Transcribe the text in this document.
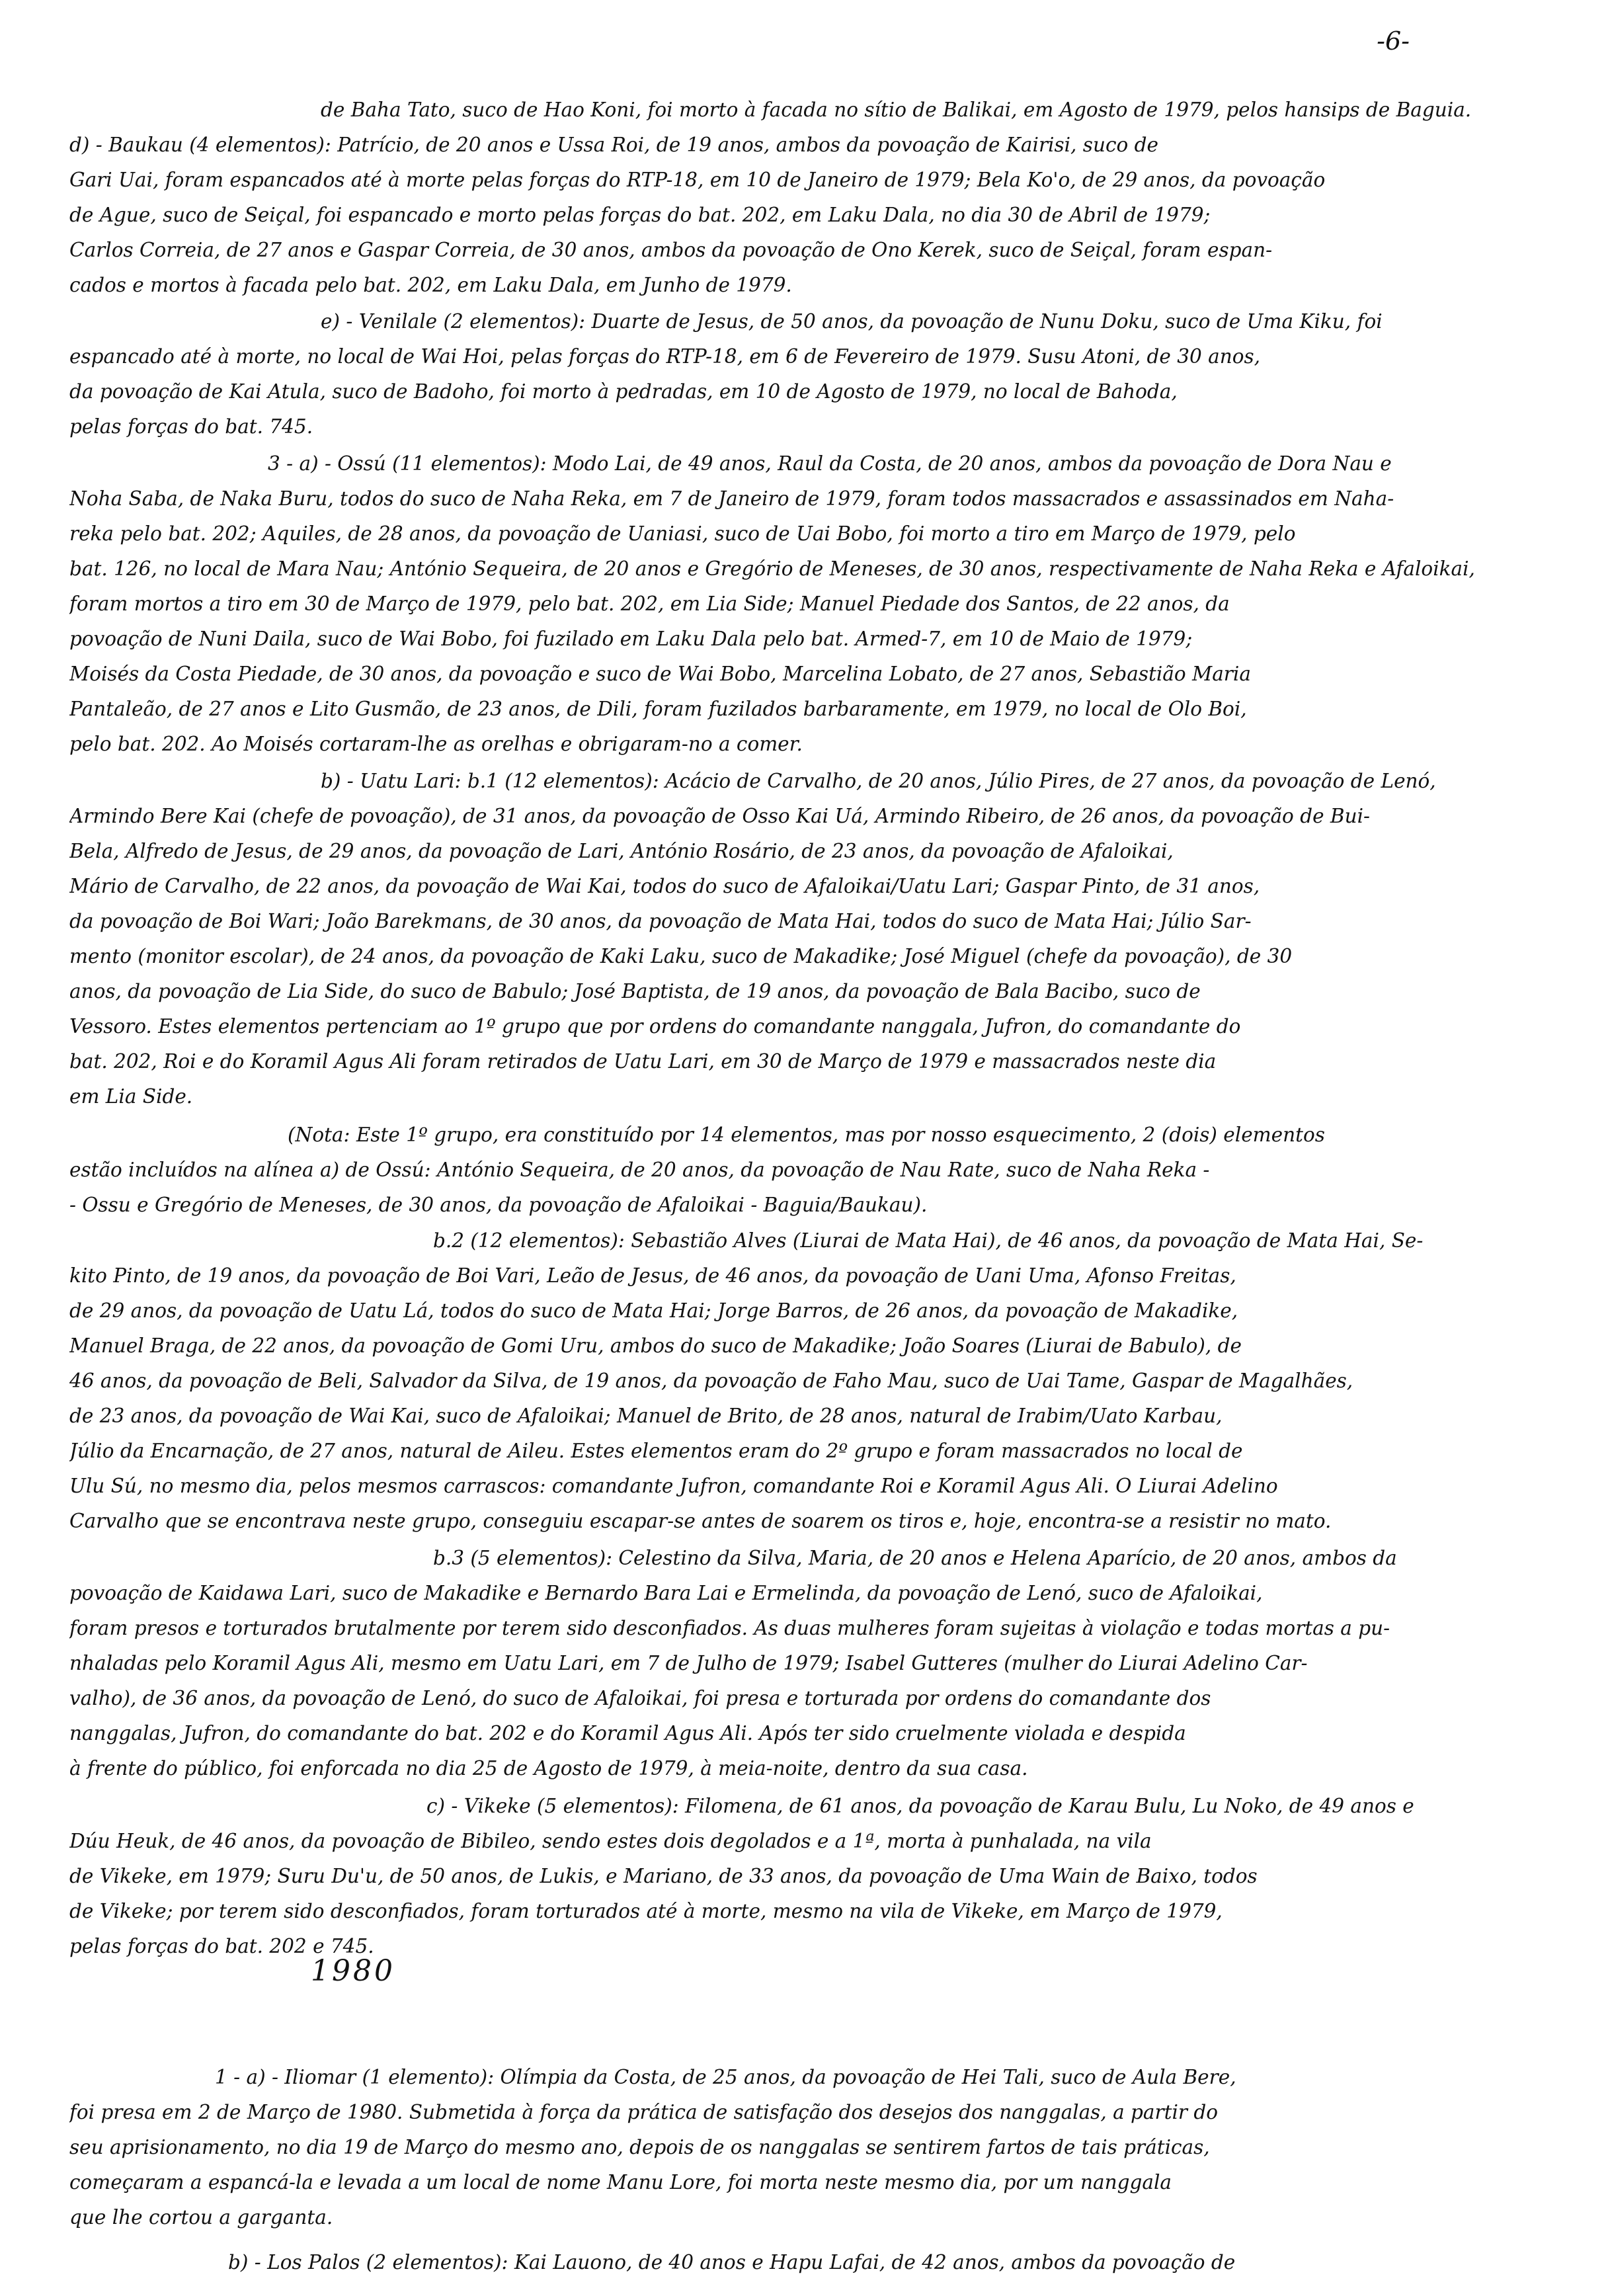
-6-
de Baha Tato, suco de Hao Koni, foi morto à facada no sítio de Balikai, em Agosto de 1979, pelos hansips de Baguia.
d) - Baukau (4 elementos): Patrício, de 20 anos e Ussa Roi, de 19 anos, ambos da povoação de Kairisi, suco de
Gari Uai, foram espancados até à morte pelas forças do RTP-18, em 10 de Janeiro de 1979; Bela Ko'o, de 29 anos, da povoação
de Ague, suco de Seiçal, foi espancado e morto pelas forças do bat. 202, em Laku Dala, no dia 30 de Abril de 1979;
Carlos Correia, de 27 anos e Gaspar Correia, de 30 anos, ambos da povoação de Ono Kerek, suco de Seiçal, foram espan-
cados e mortos à facada pelo bat. 202, em Laku Dala, em Junho de 1979.
e) - Venilale (2 elementos): Duarte de Jesus, de 50 anos, da povoação de Nunu Doku, suco de Uma Kiku, foi
espancado até à morte, no local de Wai Hoi, pelas forças do RTP-18, em 6 de Fevereiro de 1979. Susu Atoni, de 30 anos,
da povoação de Kai Atula, suco de Badoho, foi morto à pedradas, em 10 de Agosto de 1979, no local de Bahoda,
pelas forças do bat. 745.
3 - a) - Ossú (11 elementos): Modo Lai, de 49 anos, Raul da Costa, de 20 anos, ambos da povoação de Dora Nau e
Noha Saba, de Naka Buru, todos do suco de Naha Reka, em 7 de Janeiro de 1979, foram todos massacrados e assassinados em Naha-
reka pelo bat. 202; Aquiles, de 28 anos, da povoação de Uaniasi, suco de Uai Bobo, foi morto a tiro em Março de 1979, pelo
bat. 126, no local de Mara Nau; António Sequeira, de 20 anos e Gregório de Meneses, de 30 anos, respectivamente de Naha Reka e Afaloikai,
foram mortos a tiro em 30 de Março de 1979, pelo bat. 202, em Lia Side; Manuel Piedade dos Santos, de 22 anos, da
povoação de Nuni Daila, suco de Wai Bobo, foi fuzilado em Laku Dala pelo bat. Armed-7, em 10 de Maio de 1979;
Moisés da Costa Piedade, de 30 anos, da povoação e suco de Wai Bobo, Marcelina Lobato, de 27 anos, Sebastião Maria
Pantaleão, de 27 anos e Lito Gusmão, de 23 anos, de Dili, foram fuzilados barbaramente, em 1979, no local de Olo Boi,
pelo bat. 202. Ao Moisés cortaram-lhe as orelhas e obrigaram-no a comer.
b) - Uatu Lari: b.1 (12 elementos): Acácio de Carvalho, de 20 anos, Júlio Pires, de 27 anos, da povoação de Lenó,
Armindo Bere Kai (chefe de povoação), de 31 anos, da povoação de Osso Kai Uá, Armindo Ribeiro, de 26 anos, da povoação de Bui-
Bela, Alfredo de Jesus, de 29 anos, da povoação de Lari, António Rosário, de 23 anos, da povoação de Afaloikai,
Mário de Carvalho, de 22 anos, da povoação de Wai Kai, todos do suco de Afaloikai/Uatu Lari; Gaspar Pinto, de 31 anos,
da povoação de Boi Wari; João Barekmans, de 30 anos, da povoação de Mata Hai, todos do suco de Mata Hai; Júlio Sar-
mento (monitor escolar), de 24 anos, da povoação de Kaki Laku, suco de Makadike; José Miguel (chefe da povoação), de 30
anos, da povoação de Lia Side, do suco de Babulo; José Baptista, de 19 anos, da povoação de Bala Bacibo, suco de
Vessoro. Estes elementos pertenciam ao 1º grupo que por ordens do comandante nanggala, Jufron, do comandante do
bat. 202, Roi e do Koramil Agus Ali foram retirados de Uatu Lari, em 30 de Março de 1979 e massacrados neste dia
em Lia Side.
(Nota: Este 1º grupo, era constituído por 14 elementos, mas por nosso esquecimento, 2 (dois) elementos
estão incluídos na alínea a) de Ossú: António Sequeira, de 20 anos, da povoação de Nau Rate, suco de Naha Reka -
- Ossu e Gregório de Meneses, de 30 anos, da povoação de Afaloikai - Baguia/Baukau).
b.2 (12 elementos): Sebastião Alves (Liurai de Mata Hai), de 46 anos, da povoação de Mata Hai, Se-
kito Pinto, de 19 anos, da povoação de Boi Vari, Leão de Jesus, de 46 anos, da povoação de Uani Uma, Afonso Freitas,
de 29 anos, da povoação de Uatu Lá, todos do suco de Mata Hai; Jorge Barros, de 26 anos, da povoação de Makadike,
Manuel Braga, de 22 anos, da povoação de Gomi Uru, ambos do suco de Makadike; João Soares (Liurai de Babulo), de
46 anos, da povoação de Beli, Salvador da Silva, de 19 anos, da povoação de Faho Mau, suco de Uai Tame, Gaspar de Magalhães,
de 23 anos, da povoação de Wai Kai, suco de Afaloikai; Manuel de Brito, de 28 anos, natural de Irabim/Uato Karbau,
Júlio da Encarnação, de 27 anos, natural de Aileu. Estes elementos eram do 2º grupo e foram massacrados no local de
Ulu Sú, no mesmo dia, pelos mesmos carrascos: comandante Jufron, comandante Roi e Koramil Agus Ali. O Liurai Adelino
Carvalho que se encontrava neste grupo, conseguiu escapar-se antes de soarem os tiros e, hoje, encontra-se a resistir no mato.
b.3 (5 elementos): Celestino da Silva, Maria, de 20 anos e Helena Aparício, de 20 anos, ambos da
povoação de Kaidawa Lari, suco de Makadike e Bernardo Bara Lai e Ermelinda, da povoação de Lenó, suco de Afaloikai,
foram presos e torturados brutalmente por terem sido desconfiados. As duas mulheres foram sujeitas à violação e todas mortas a pu-
nhaladas pelo Koramil Agus Ali, mesmo em Uatu Lari, em 7 de Julho de 1979; Isabel Gutteres (mulher do Liurai Adelino Car-
valho), de 36 anos, da povoação de Lenó, do suco de Afaloikai, foi presa e torturada por ordens do comandante dos
nanggalas, Jufron, do comandante do bat. 202 e do Koramil Agus Ali. Após ter sido cruelmente violada e despida
à frente do público, foi enforcada no dia 25 de Agosto de 1979, à meia-noite, dentro da sua casa.
c) - Vikeke (5 elementos): Filomena, de 61 anos, da povoação de Karau Bulu, Lu Noko, de 49 anos e
Dúu Heuk, de 46 anos, da povoação de Bibileo, sendo estes dois degolados e a 1ª, morta à punhalada, na vila
de Vikeke, em 1979; Suru Du'u, de 50 anos, de Lukis, e Mariano, de 33 anos, da povoação de Uma Wain de Baixo, todos
de Vikeke; por terem sido desconfiados, foram torturados até à morte, mesmo na vila de Vikeke, em Março de 1979,
pelas forças do bat. 202 e 745.
1980
1 - a) - Iliomar (1 elemento): Olímpia da Costa, de 25 anos, da povoação de Hei Tali, suco de Aula Bere,
foi presa em 2 de Março de 1980. Submetida à força da prática de satisfação dos desejos dos nanggalas, a partir do
seu aprisionamento, no dia 19 de Março do mesmo ano, depois de os nanggalas se sentirem fartos de tais práticas,
começaram a espancá-la e levada a um local de nome Manu Lore, foi morta neste mesmo dia, por um nanggala
que lhe cortou a garganta.
b) - Los Palos (2 elementos): Kai Lauono, de 40 anos e Hapu Lafai, de 42 anos, ambos da povoação de
